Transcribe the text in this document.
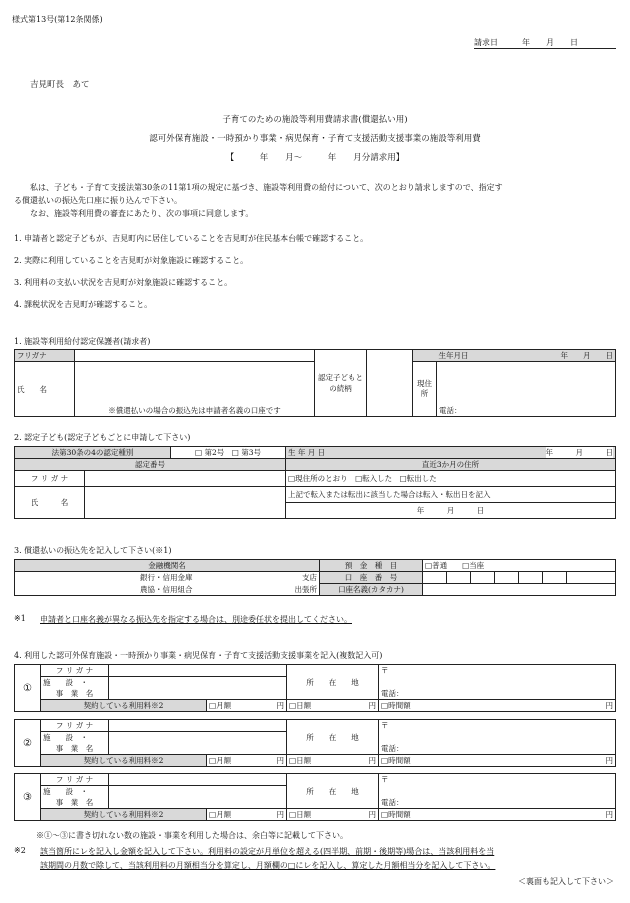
様式第13号(第12条関係)
請求日　　　年　　月　　日
吉見町長　あて
子育てのための施設等利用費請求書(償還払い用)
認可外保育施設・一時預かり事業・病児保育・子育て支援活動支援事業の施設等利用費
【　　　年　　月～　　　年　　月分請求用】
私は、子ども・子育て支援法第30条の11第1項の規定に基づき、施設等利用費の給付について、次のとおり請求しますので、指定す
る償還払いの振込先口座に振り込んで下さい。
なお、施設等利用費の審査にあたり、次の事項に同意します。
1. 申請者と認定子どもが、吉見町内に居住していることを吉見町が住民基本台帳で確認すること。
2. 実際に利用していることを吉見町が対象施設に確認すること。
3. 利用料の支払い状況を吉見町が対象施設に確認すること。
4. 課税状況を吉見町が確認すること。
1. 施設等利用給付認定保護者(請求者)
フリガナ		認定子どもとの続柄			生年月日 年　　月　　日

氏　　名	※償還払いの場合の振込先は申請者名義の口座です			現住所	電話：
2. 認定子ども(認定子どもごとに申請して下さい)
法第30条の4の認定種別		□ 第2号　□ 第3号	生 年 月 日 年　　　月　　　日

認定番号			直近3か月の住所
フ リ ガ ナ			□現住所のとおり　□転入した　□転出した
氏　　　名			上記で転入または転出に該当した場合は転入・転出日を記入
			年　　　月　　　日
3. 償還払いの振込先を記入して下さい(※1)
金融機関名		預　金　種　目	□普通　　□当座						
銀行・信用金庫	支店	口　座　番　号							
農協・信用組合	出張所	口座名義(カタカナ)							
※1 申請者と口座名義が異なる振込先を指定する場合は、別途委任状を提出してください。
4. 利用した認可外保育施設・一時預かり事業・病児保育・子育て支援活動支援事業を記入(複数記入可)
①	フ リ ガ ナ			所　　在　　地	〒
	施　　設　・				
	事　業　名				電話：
	契約している利用料※2		□月額 円	□日額 円	□時間額 円
②	フ リ ガ ナ			所　　在　　地	〒
	施　　設　・				
	事　業　名				電話：
	契約している利用料※2		□月額 円	□日額 円	□時間額 円
③	フ リ ガ ナ			所　　在　　地	〒
	施　　設　・				
	事　業　名				電話：
	契約している利用料※2		□月額 円	□日額 円	□時間額 円
※①～③に書き切れない数の施設・事業を利用した場合は、余白等に記載して下さい。
※2 該当箇所にレを記入し金額を記入して下さい。利用料の設定が月単位を超える(四半期、前期・後期等)場合は、当該利用料を当
該期間の月数で除して、当該利用料の月額相当分を算定し、月額欄の□にレを記入し、算定した月額相当分を記入して下さい。
＜裏面も記入して下さい＞
